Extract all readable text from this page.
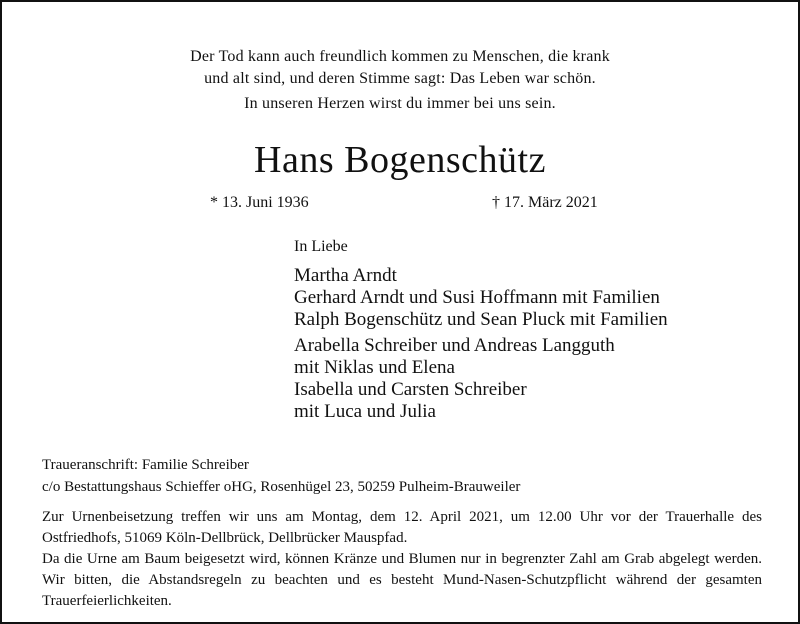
Der Tod kann auch freundlich kommen zu Menschen, die krank
und alt sind, und deren Stimme sagt: Das Leben war schön.
In unseren Herzen wirst du immer bei uns sein.
Hans Bogenschütz
* 13. Juni 1936	† 17. März 2021
In Liebe
Martha Arndt
Gerhard Arndt und Susi Hoffmann mit Familien
Ralph Bogenschütz und Sean Pluck mit Familien
Arabella Schreiber und Andreas Langguth
mit Niklas und Elena
Isabella und Carsten Schreiber
mit Luca und Julia
Traueranschrift: Familie Schreiber
c/o Bestattungshaus Schieffer oHG, Rosenhügel 23, 50259 Pulheim-Brauweiler

Zur Urnenbeisetzung treffen wir uns am Montag, dem 12. April 2021, um 12.00 Uhr vor der Trauerhalle des Ostfriedhofs, 51069 Köln-Dellbrück, Dellbrücker Mauspfad.

Da die Urne am Baum beigesetzt wird, können Kränze und Blumen nur in begrenzter Zahl am Grab abgelegt werden. Wir bitten, die Abstandsregeln zu beachten und es besteht Mund-Nasen-Schutzpflicht während der gesamten Trauerfeierlichkeiten.
